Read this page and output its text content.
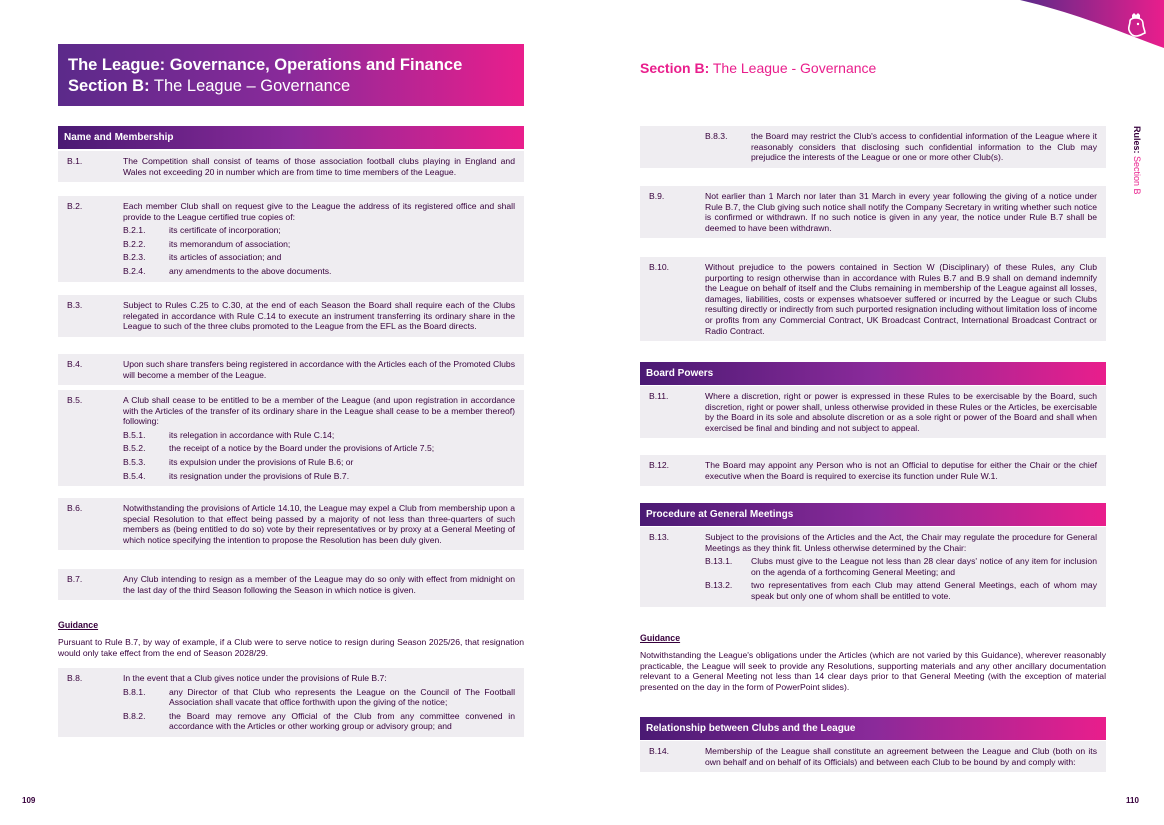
The League: Governance, Operations and Finance
Section B: The League – Governance
Name and Membership
B.1.	The Competition shall consist of teams of those association football clubs playing in England and Wales not exceeding 20 in number which are from time to time members of the League.
B.2.	Each member Club shall on request give to the League the address of its registered office and shall provide to the League certified true copies of:
B.2.1.	its certificate of incorporation;
B.2.2.	its memorandum of association;
B.2.3.	its articles of association; and
B.2.4.	any amendments to the above documents.
B.3.	Subject to Rules C.25 to C.30, at the end of each Season the Board shall require each of the Clubs relegated in accordance with Rule C.14 to execute an instrument transferring its ordinary share in the League to such of the three clubs promoted to the League from the EFL as the Board directs.
B.4.	Upon such share transfers being registered in accordance with the Articles each of the Promoted Clubs will become a member of the League.
B.5.	A Club shall cease to be entitled to be a member of the League (and upon registration in accordance with the Articles of the transfer of its ordinary share in the League shall cease to be a member thereof) following:
B.5.1.	its relegation in accordance with Rule C.14;
B.5.2.	the receipt of a notice by the Board under the provisions of Article 7.5;
B.5.3.	its expulsion under the provisions of Rule B.6; or
B.5.4.	its resignation under the provisions of Rule B.7.
B.6.	Notwithstanding the provisions of Article 14.10, the League may expel a Club from membership upon a special Resolution to that effect being passed by a majority of not less than three-quarters of such members as (being entitled to do so) vote by their representatives or by proxy at a General Meeting of which notice specifying the intention to propose the Resolution has been duly given.
B.7.	Any Club intending to resign as a member of the League may do so only with effect from midnight on the last day of the third Season following the Season in which notice is given.
Guidance
Pursuant to Rule B.7, by way of example, if a Club were to serve notice to resign during Season 2025/26, that resignation would only take effect from the end of Season 2028/29.
B.8.	In the event that a Club gives notice under the provisions of Rule B.7:
B.8.1.	any Director of that Club who represents the League on the Council of The Football Association shall vacate that office forthwith upon the giving of the notice;
B.8.2.	the Board may remove any Official of the Club from any committee convened in accordance with the Articles or other working group or advisory group; and
109
Section B: The League - Governance
B.8.3.	the Board may restrict the Club's access to confidential information of the League where it reasonably considers that disclosing such confidential information to the Club may prejudice the interests of the League or one or more other Club(s).
B.9.	Not earlier than 1 March nor later than 31 March in every year following the giving of a notice under Rule B.7, the Club giving such notice shall notify the Company Secretary in writing whether such notice is confirmed or withdrawn. If no such notice is given in any year, the notice under Rule B.7 shall be deemed to have been withdrawn.
B.10.	Without prejudice to the powers contained in Section W (Disciplinary) of these Rules, any Club purporting to resign otherwise than in accordance with Rules B.7 and B.9 shall on demand indemnify the League on behalf of itself and the Clubs remaining in membership of the League against all losses, damages, liabilities, costs or expenses whatsoever suffered or incurred by the League or such Clubs resulting directly or indirectly from such purported resignation including without limitation loss of income or profits from any Commercial Contract, UK Broadcast Contract, International Broadcast Contract or Radio Contract.
Board Powers
B.11.	Where a discretion, right or power is expressed in these Rules to be exercisable by the Board, such discretion, right or power shall, unless otherwise provided in these Rules or the Articles, be exercisable by the Board in its sole and absolute discretion or as a sole right or power of the Board and shall when exercised be final and binding and not subject to appeal.
B.12.	The Board may appoint any Person who is not an Official to deputise for either the Chair or the chief executive when the Board is required to exercise its function under Rule W.1.
Procedure at General Meetings
B.13.	Subject to the provisions of the Articles and the Act, the Chair may regulate the procedure for General Meetings as they think fit. Unless otherwise determined by the Chair:
B.13.1. Clubs must give to the League not less than 28 clear days' notice of any item for inclusion on the agenda of a forthcoming General Meeting; and
B.13.2. two representatives from each Club may attend General Meetings, each of whom may speak but only one of whom shall be entitled to vote.
Guidance
Notwithstanding the League's obligations under the Articles (which are not varied by this Guidance), wherever reasonably practicable, the League will seek to provide any Resolutions, supporting materials and any other ancillary documentation relevant to a General Meeting not less than 14 clear days prior to that General Meeting (with the exception of material presented on the day in the form of PowerPoint slides).
Relationship between Clubs and the League
B.14.	Membership of the League shall constitute an agreement between the League and Club (both on its own behalf and on behalf of its Officials) and between each Club to be bound by and comply with:
110
Rules: Section B
